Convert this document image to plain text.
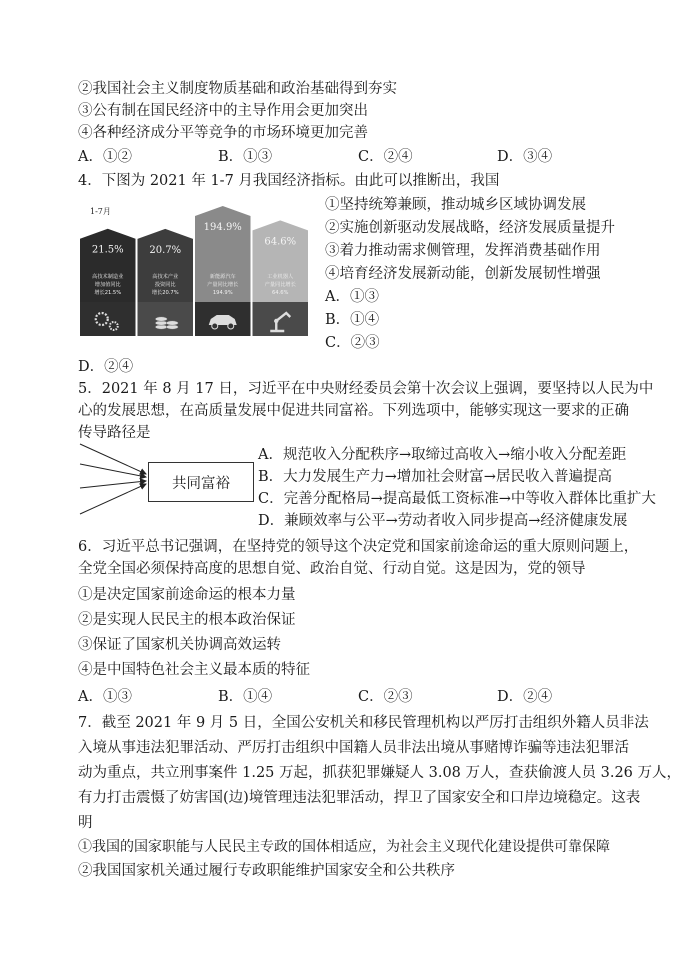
②我国社会主义制度物质基础和政治基础得到夯实
③公有制在国民经济中的主导作用会更加突出
④各种经济成分平等竞争的市场环境更加完善
A．①②	B．①③	C．②④	D．③④
4．下图为 2021 年 1-7 月我国经济指标。由此可以推断出，我国
1-7月
21.5%
高技术制造业
增加值同比
增长21.5%
20.7%
高技术产业
投资同比
增长20.7%
194.9%
新能源汽车
产量同比增长
194.9%
64.6%
工业机器人
产量同比增长
64.6%
①坚持统筹兼顾，推动城乡区域协调发展
②实施创新驱动发展战略，经济发展质量提升
③着力推动需求侧管理，发挥消费基础作用
④培育经济发展新动能，创新发展韧性增强
A．①③
B．①④
C．②③
D．②④
5．2021 年 8 月 17 日，习近平在中央财经委员会第十次会议上强调，要坚持以人民为中
心的发展思想，在高质量发展中促进共同富裕。下列选项中，能够实现这一要求的正确
传导路径是
共同富裕
A．规范收入分配秩序→取缔过高收入→缩小收入分配差距
B．大力发展生产力→增加社会财富→居民收入普遍提高
C．完善分配格局→提高最低工资标准→中等收入群体比重扩大
D．兼顾效率与公平→劳动者收入同步提高→经济健康发展
6．习近平总书记强调，在坚持党的领导这个决定党和国家前途命运的重大原则问题上，
全党全国必须保持高度的思想自觉、政治自觉、行动自觉。这是因为，党的领导
①是决定国家前途命运的根本力量
②是实现人民民主的根本政治保证
③保证了国家机关协调高效运转
④是中国特色社会主义最本质的特征
A．①③	B．①④	C．②③	D．②④
7．截至 2021 年 9 月 5 日，全国公安机关和移民管理机构以严厉打击组织外籍人员非法
入境从事违法犯罪活动、严厉打击组织中国籍人员非法出境从事赌博诈骗等违法犯罪活
动为重点，共立刑事案件 1.25 万起，抓获犯罪嫌疑人 3.08 万人，查获偷渡人员 3.26 万人，
有力打击震慑了妨害国(边)境管理违法犯罪活动，捍卫了国家安全和口岸边境稳定。这表
明
①我国的国家职能与人民民主专政的国体相适应，为社会主义现代化建设提供可靠保障
②我国国家机关通过履行专政职能维护国家安全和公共秩序
